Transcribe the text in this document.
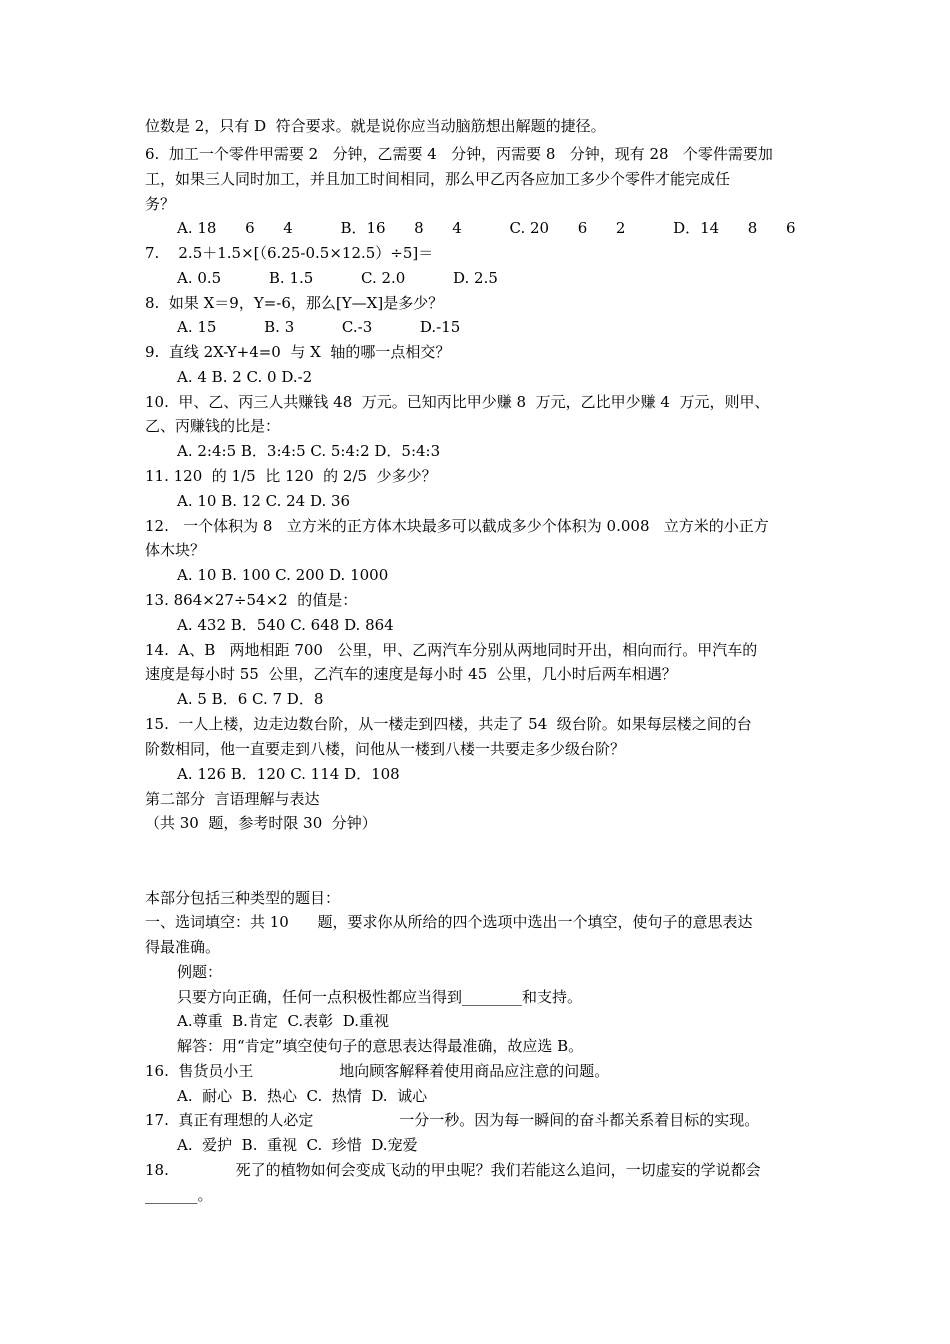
位数是 2，只有 D  符合要求。就是说你应当动脑筋想出解题的捷径。
6.  加工一个零件甲需要 2   分钟，乙需要 4   分钟，丙需要 8   分钟，现有 28   个零件需要加
工，如果三人同时加工，并且加工时间相同，那么甲乙丙各应加工多少个零件才能完成任
务？
A. 18      6      4          B．16      8      4          C. 20      6      2          D．14      8      6
7.    2.5＋1.5×[（6.25-0.5×12.5）÷5]＝
A. 0.5          B. 1.5          C. 2.0          D. 2.5
8.  如果 X＝9，Y=-6，那么[Y—X]是多少？
A. 15          B. 3          C.-3          D.-15
9.  直线 2X-Y+4=0  与 X  轴的哪一点相交？
A. 4 B. 2 C. 0 D.-2
10.  甲、乙、丙三人共赚钱 48  万元。已知丙比甲少赚 8  万元，乙比甲少赚 4  万元，则甲、
乙、丙赚钱的比是：
A. 2:4:5 B．3:4:5 C. 5:4:2 D．5:4:3
11. 120  的 1/5  比 120  的 2/5  少多少？
A. 10 B. 12 C. 24 D. 36
12.   一个体积为 8   立方米的正方体木块最多可以截成多少个体积为 0.008   立方米的小正方
体木块？
A. 10 B. 100 C. 200 D. 1000
13. 864×27÷54×2  的值是：
A. 432 B．540 C. 648 D. 864
14.  A、B   两地相距 700   公里，甲、乙两汽车分别从两地同时开出，相向而行。甲汽车的
速度是每小时 55  公里，乙汽车的速度是每小时 45  公里，几小时后两车相遇？
A. 5 B．6 C. 7 D．8
15.  一人上楼，边走边数台阶，从一楼走到四楼，共走了 54  级台阶。如果每层楼之间的台
阶数相同，他一直要走到八楼，问他从一楼到八楼一共要走多少级台阶？
A. 126 B．120 C. 114 D．108
第二部分  言语理解与表达
（共 30  题，参考时限 30  分钟）
本部分包括三种类型的题目：
一、选词填空：共 10      题，要求你从所给的四个选项中选出一个填空，使句子的意思表达
得最准确。
例题：
只要方向正确，任何一点积极性都应当得到________和支持。
A.尊重  B.肯定  C.表彰  D.重视
解答：用“肯定”填空使句子的意思表达得最准确，故应选 B。
16.  售货员小王                  地向顾客解释着使用商品应注意的问题。
A.  耐心  B.  热心  C.  热情  D.  诚心
17.  真正有理想的人必定                  一分一秒。因为每一瞬间的奋斗都关系着目标的实现。
A.  爱护  B.  重视  C.  珍惜  D.宠爱
18.              死了的植物如何会变成飞动的甲虫呢？我们若能这么追问，一切虚妄的学说都会
_______。
